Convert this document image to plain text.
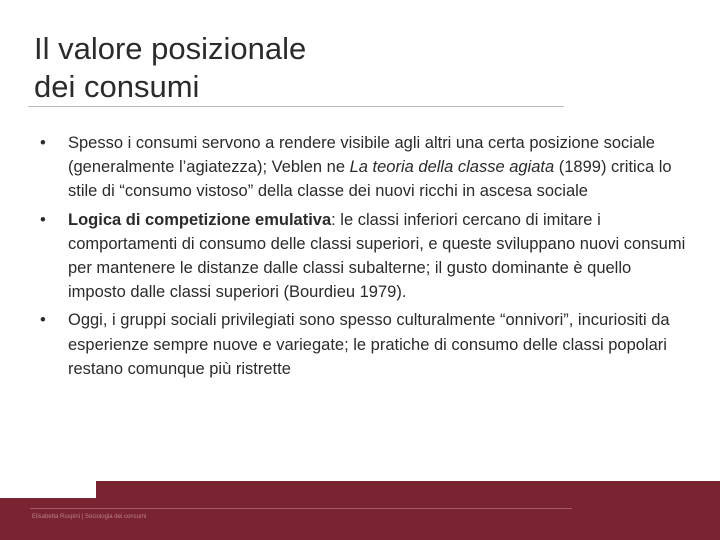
Il valore posizionale
dei consumi
• Spesso i consumi servono a rendere visibile agli altri una certa posizione sociale (generalmente l’agiatezza); Veblen ne La teoria della classe agiata (1899) critica lo stile di “consumo vistoso” della classe dei nuovi ricchi in ascesa sociale
• Logica di competizione emulativa: le classi inferiori cercano di imitare i comportamenti di consumo delle classi superiori, e queste sviluppano nuovi consumi per mantenere le distanze dalle classi subalterne; il gusto dominante è quello imposto dalle classi superiori (Bourdieu 1979).
• Oggi, i gruppi sociali privilegiati sono spesso culturalmente “onnivori”, incuriositi da esperienze sempre nuove e variegate; le pratiche di consumo delle classi popolari restano comunque più ristrette
Elisabetta Ruspini | Sociologia dei consumi
